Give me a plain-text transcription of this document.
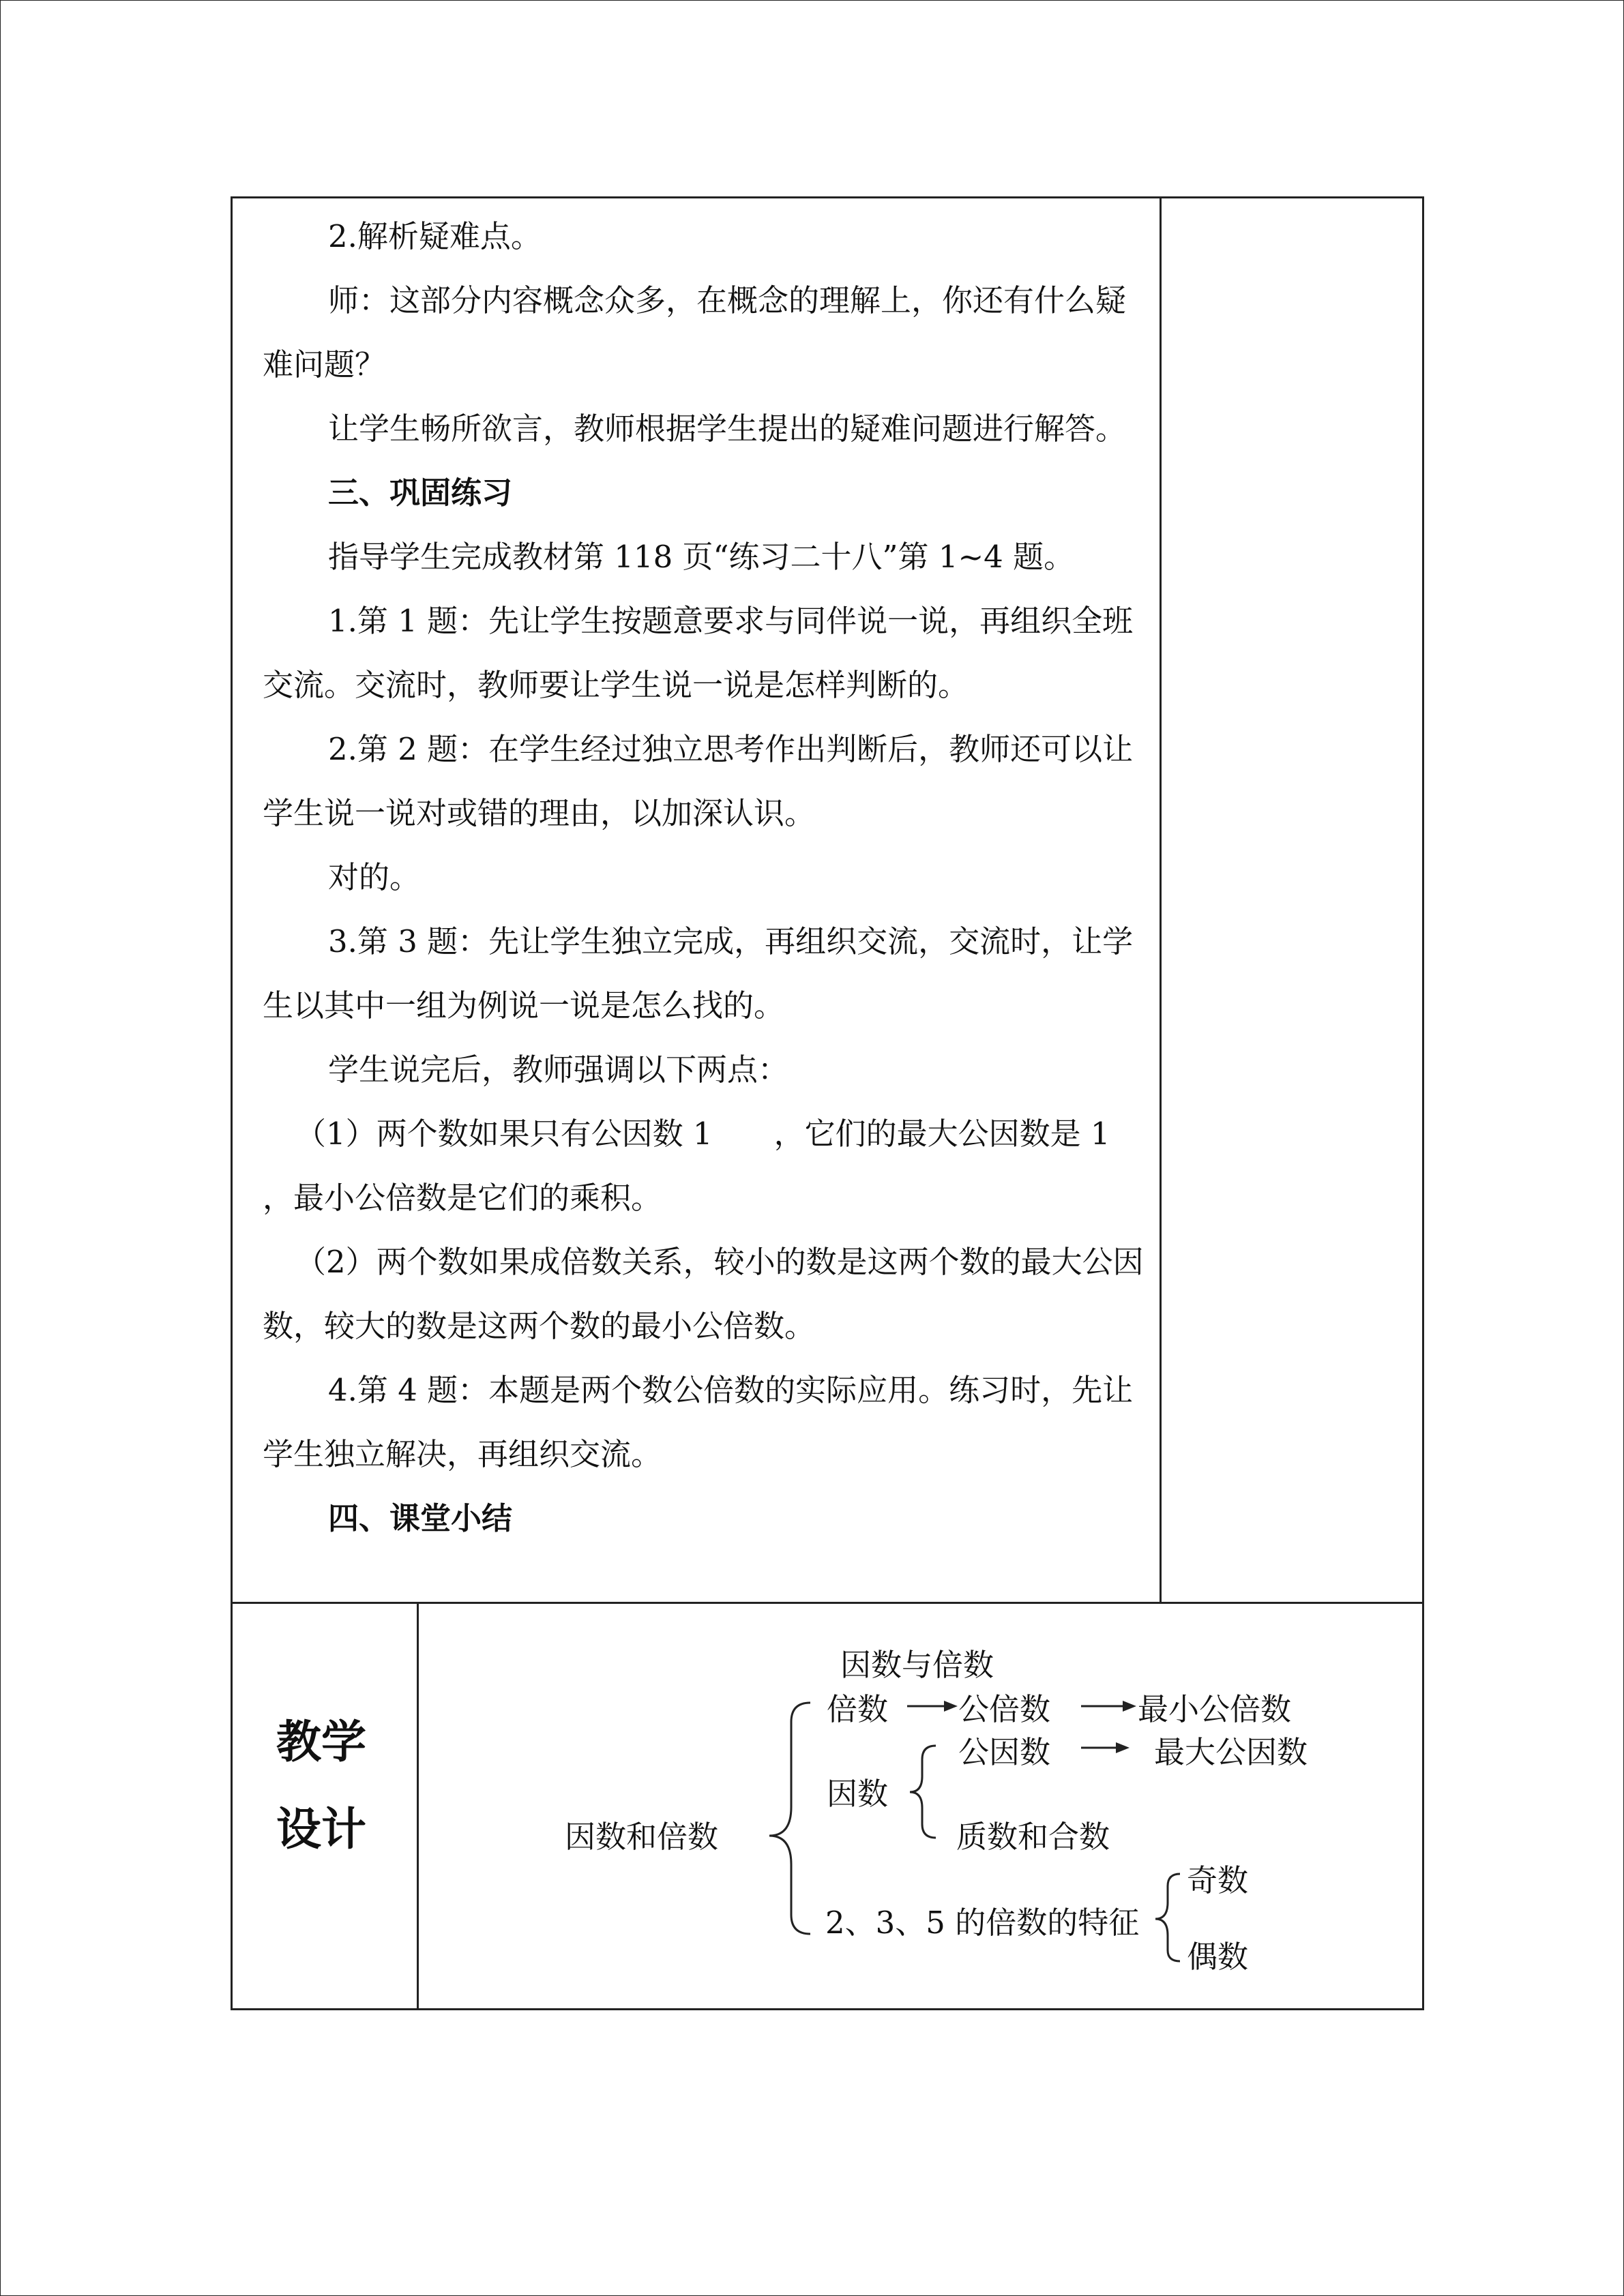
2.解析疑难点。

师：这部分内容概念众多，在概念的理解上，你还有什么疑难问题？

让学生畅所欲言，教师根据学生提出的疑难问题进行解答。

三、巩固练习

指导学生完成教材第 118 页“练习二十八”第 1~4 题。

1.第 1 题：先让学生按题意要求与同伴说一说，再组织全班交流。交流时，教师要让学生说一说是怎样判断的。

2.第 2 题：在学生经过独立思考作出判断后，教师还可以让学生说一说对或错的理由，以加深认识。

对的。

3.第 3 题：先让学生独立完成，再组织交流，交流时，让学生以其中一组为例说一说是怎么找的。

学生说完后，教师强调以下两点：

（1）两个数如果只有公因数 1　　，它们的最大公因数是 1 ，最小公倍数是它们的乘积。

（2）两个数如果成倍数关系，较小的数是这两个数的最大公因数，较大的数是这两个数的最小公倍数。

4.第 4 题：本题是两个数公倍数的实际应用。练习时，先让学生独立解决，再组织交流。

四、课堂小结

教学
设计
因数与倍数
因数和倍数
倍数 公倍数	最小公倍数
因数
公因数	最大公因数
质数和合数
2、3、5 的倍数的特征
奇数
偶数
